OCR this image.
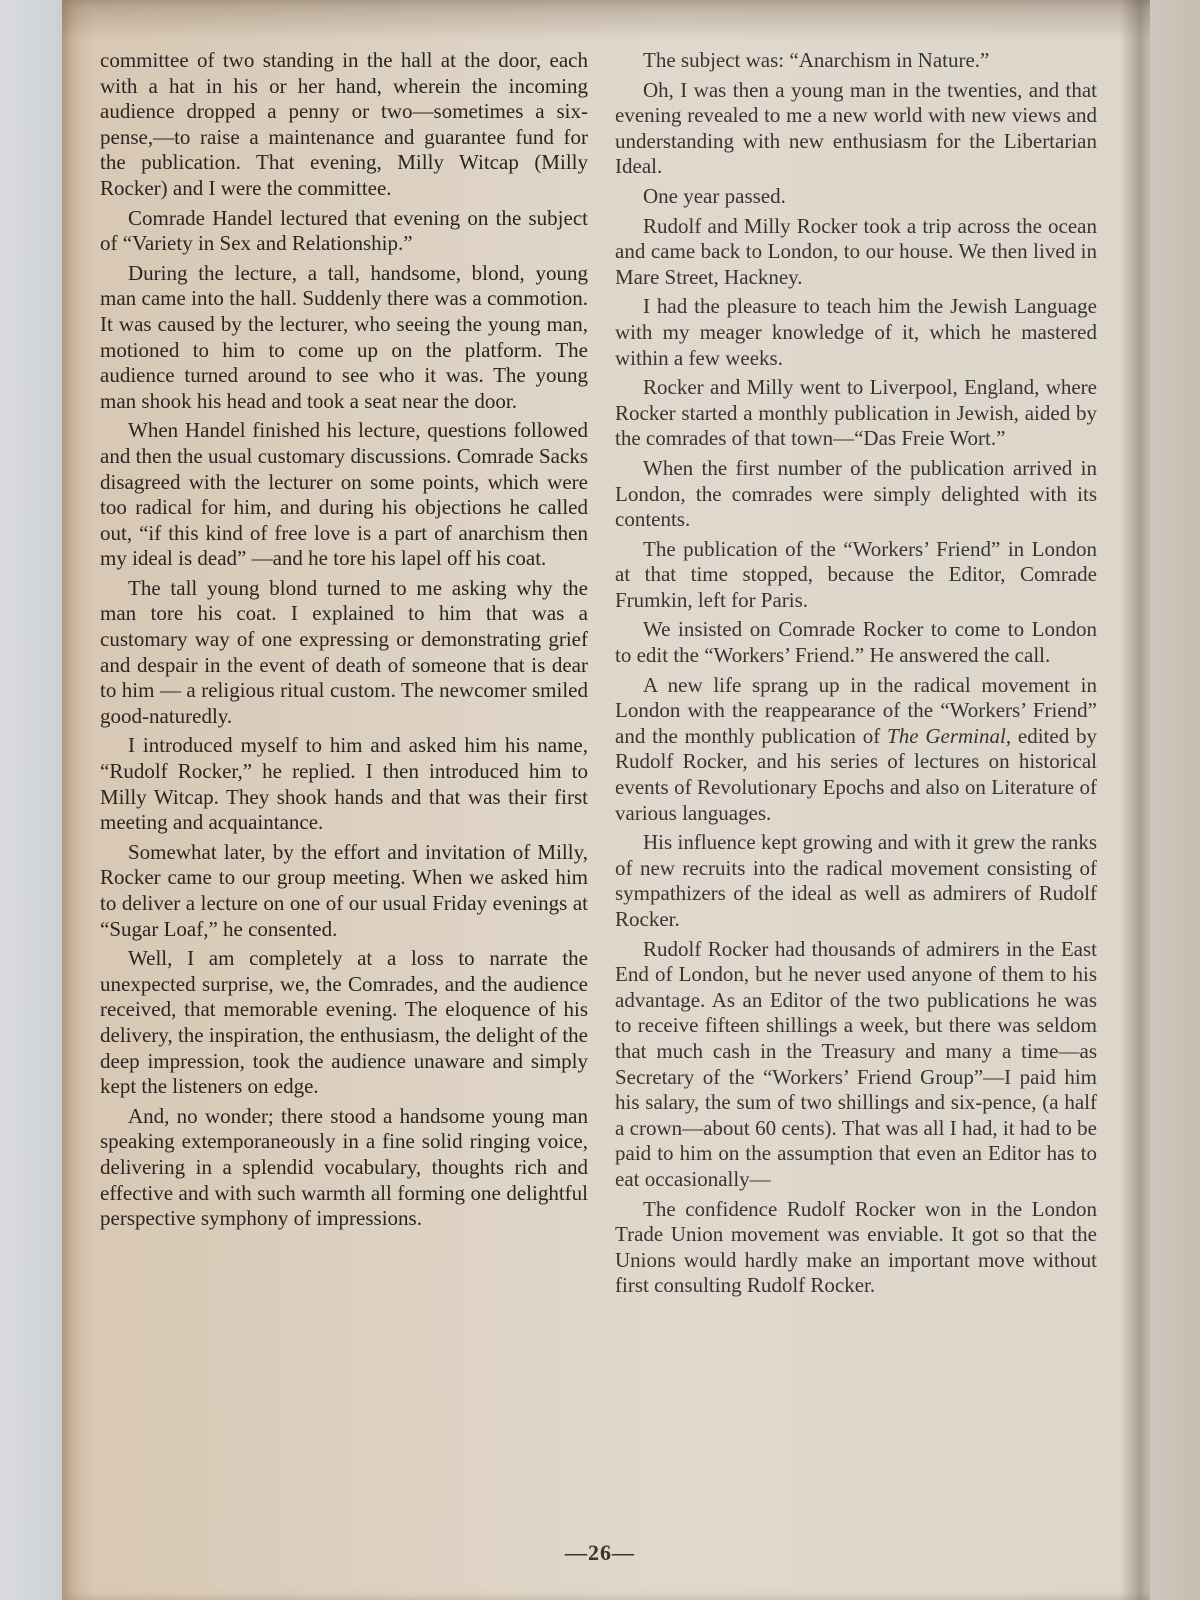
committee of two standing in the hall at the door, each with a hat in his or her hand, wherein the incoming audience dropped a penny or two—sometimes a six-pense,—to raise a maintenance and guarantee fund for the publication. That evening, Milly Witcap (Milly Rocker) and I were the committee.

Comrade Handel lectured that evening on the subject of “Variety in Sex and Relationship.”

During the lecture, a tall, handsome, blond, young man came into the hall. Suddenly there was a commotion. It was caused by the lecturer, who seeing the young man, motioned to him to come up on the platform. The audience turned around to see who it was. The young man shook his head and took a seat near the door.

When Handel finished his lecture, questions followed and then the usual customary discussions. Comrade Sacks disagreed with the lecturer on some points, which were too radical for him, and during his objections he called out, “if this kind of free love is a part of anarchism then my ideal is dead” —and he tore his lapel off his coat.

The tall young blond turned to me asking why the man tore his coat. I explained to him that was a customary way of one expressing or demonstrating grief and despair in the event of death of someone that is dear to him — a religious ritual custom. The newcomer smiled good-naturedly.

I introduced myself to him and asked him his name, “Rudolf Rocker,” he replied. I then introduced him to Milly Witcap. They shook hands and that was their first meeting and acquaintance.

Somewhat later, by the effort and invitation of Milly, Rocker came to our group meeting. When we asked him to deliver a lecture on one of our usual Friday evenings at “Sugar Loaf,” he consented.

Well, I am completely at a loss to narrate the unexpected surprise, we, the Comrades, and the audience received, that memorable evening. The eloquence of his delivery, the inspiration, the enthusiasm, the delight of the deep impression, took the audience unaware and simply kept the listeners on edge.

And, no wonder; there stood a handsome young man speaking extemporaneously in a fine solid ringing voice, delivering in a splendid vocabulary, thoughts rich and effective and with such warmth all forming one delightful perspective symphony of impressions.

The subject was: “Anarchism in Nature.”

Oh, I was then a young man in the twenties, and that evening revealed to me a new world with new views and understanding with new enthusiasm for the Libertarian Ideal.

One year passed.

Rudolf and Milly Rocker took a trip across the ocean and came back to London, to our house. We then lived in Mare Street, Hackney.

I had the pleasure to teach him the Jewish Language with my meager knowledge of it, which he mastered within a few weeks.

Rocker and Milly went to Liverpool, England, where Rocker started a monthly publication in Jewish, aided by the comrades of that town—“Das Freie Wort.”

When the first number of the publication arrived in London, the comrades were simply delighted with its contents.

The publication of the “Workers’ Friend” in London at that time stopped, because the Editor, Comrade Frumkin, left for Paris.

We insisted on Comrade Rocker to come to London to edit the “Workers’ Friend.” He answered the call.

A new life sprang up in the radical movement in London with the reappearance of the “Workers’ Friend” and the monthly publication of The Germinal, edited by Rudolf Rocker, and his series of lectures on historical events of Revolutionary Epochs and also on Literature of various languages.

His influence kept growing and with it grew the ranks of new recruits into the radical movement consisting of sympathizers of the ideal as well as admirers of Rudolf Rocker.

Rudolf Rocker had thousands of admirers in the East End of London, but he never used anyone of them to his advantage. As an Editor of the two publications he was to receive fifteen shillings a week, but there was seldom that much cash in the Treasury and many a time—as Secretary of the “Workers’ Friend Group”—I paid him his salary, the sum of two shillings and six-pence, (a half a crown—about 60 cents). That was all I had, it had to be paid to him on the assumption that even an Editor has to eat occasionally—

The confidence Rudolf Rocker won in the London Trade Union movement was enviable. It got so that the Unions would hardly make an important move without first consulting Rudolf Rocker.

—26—
